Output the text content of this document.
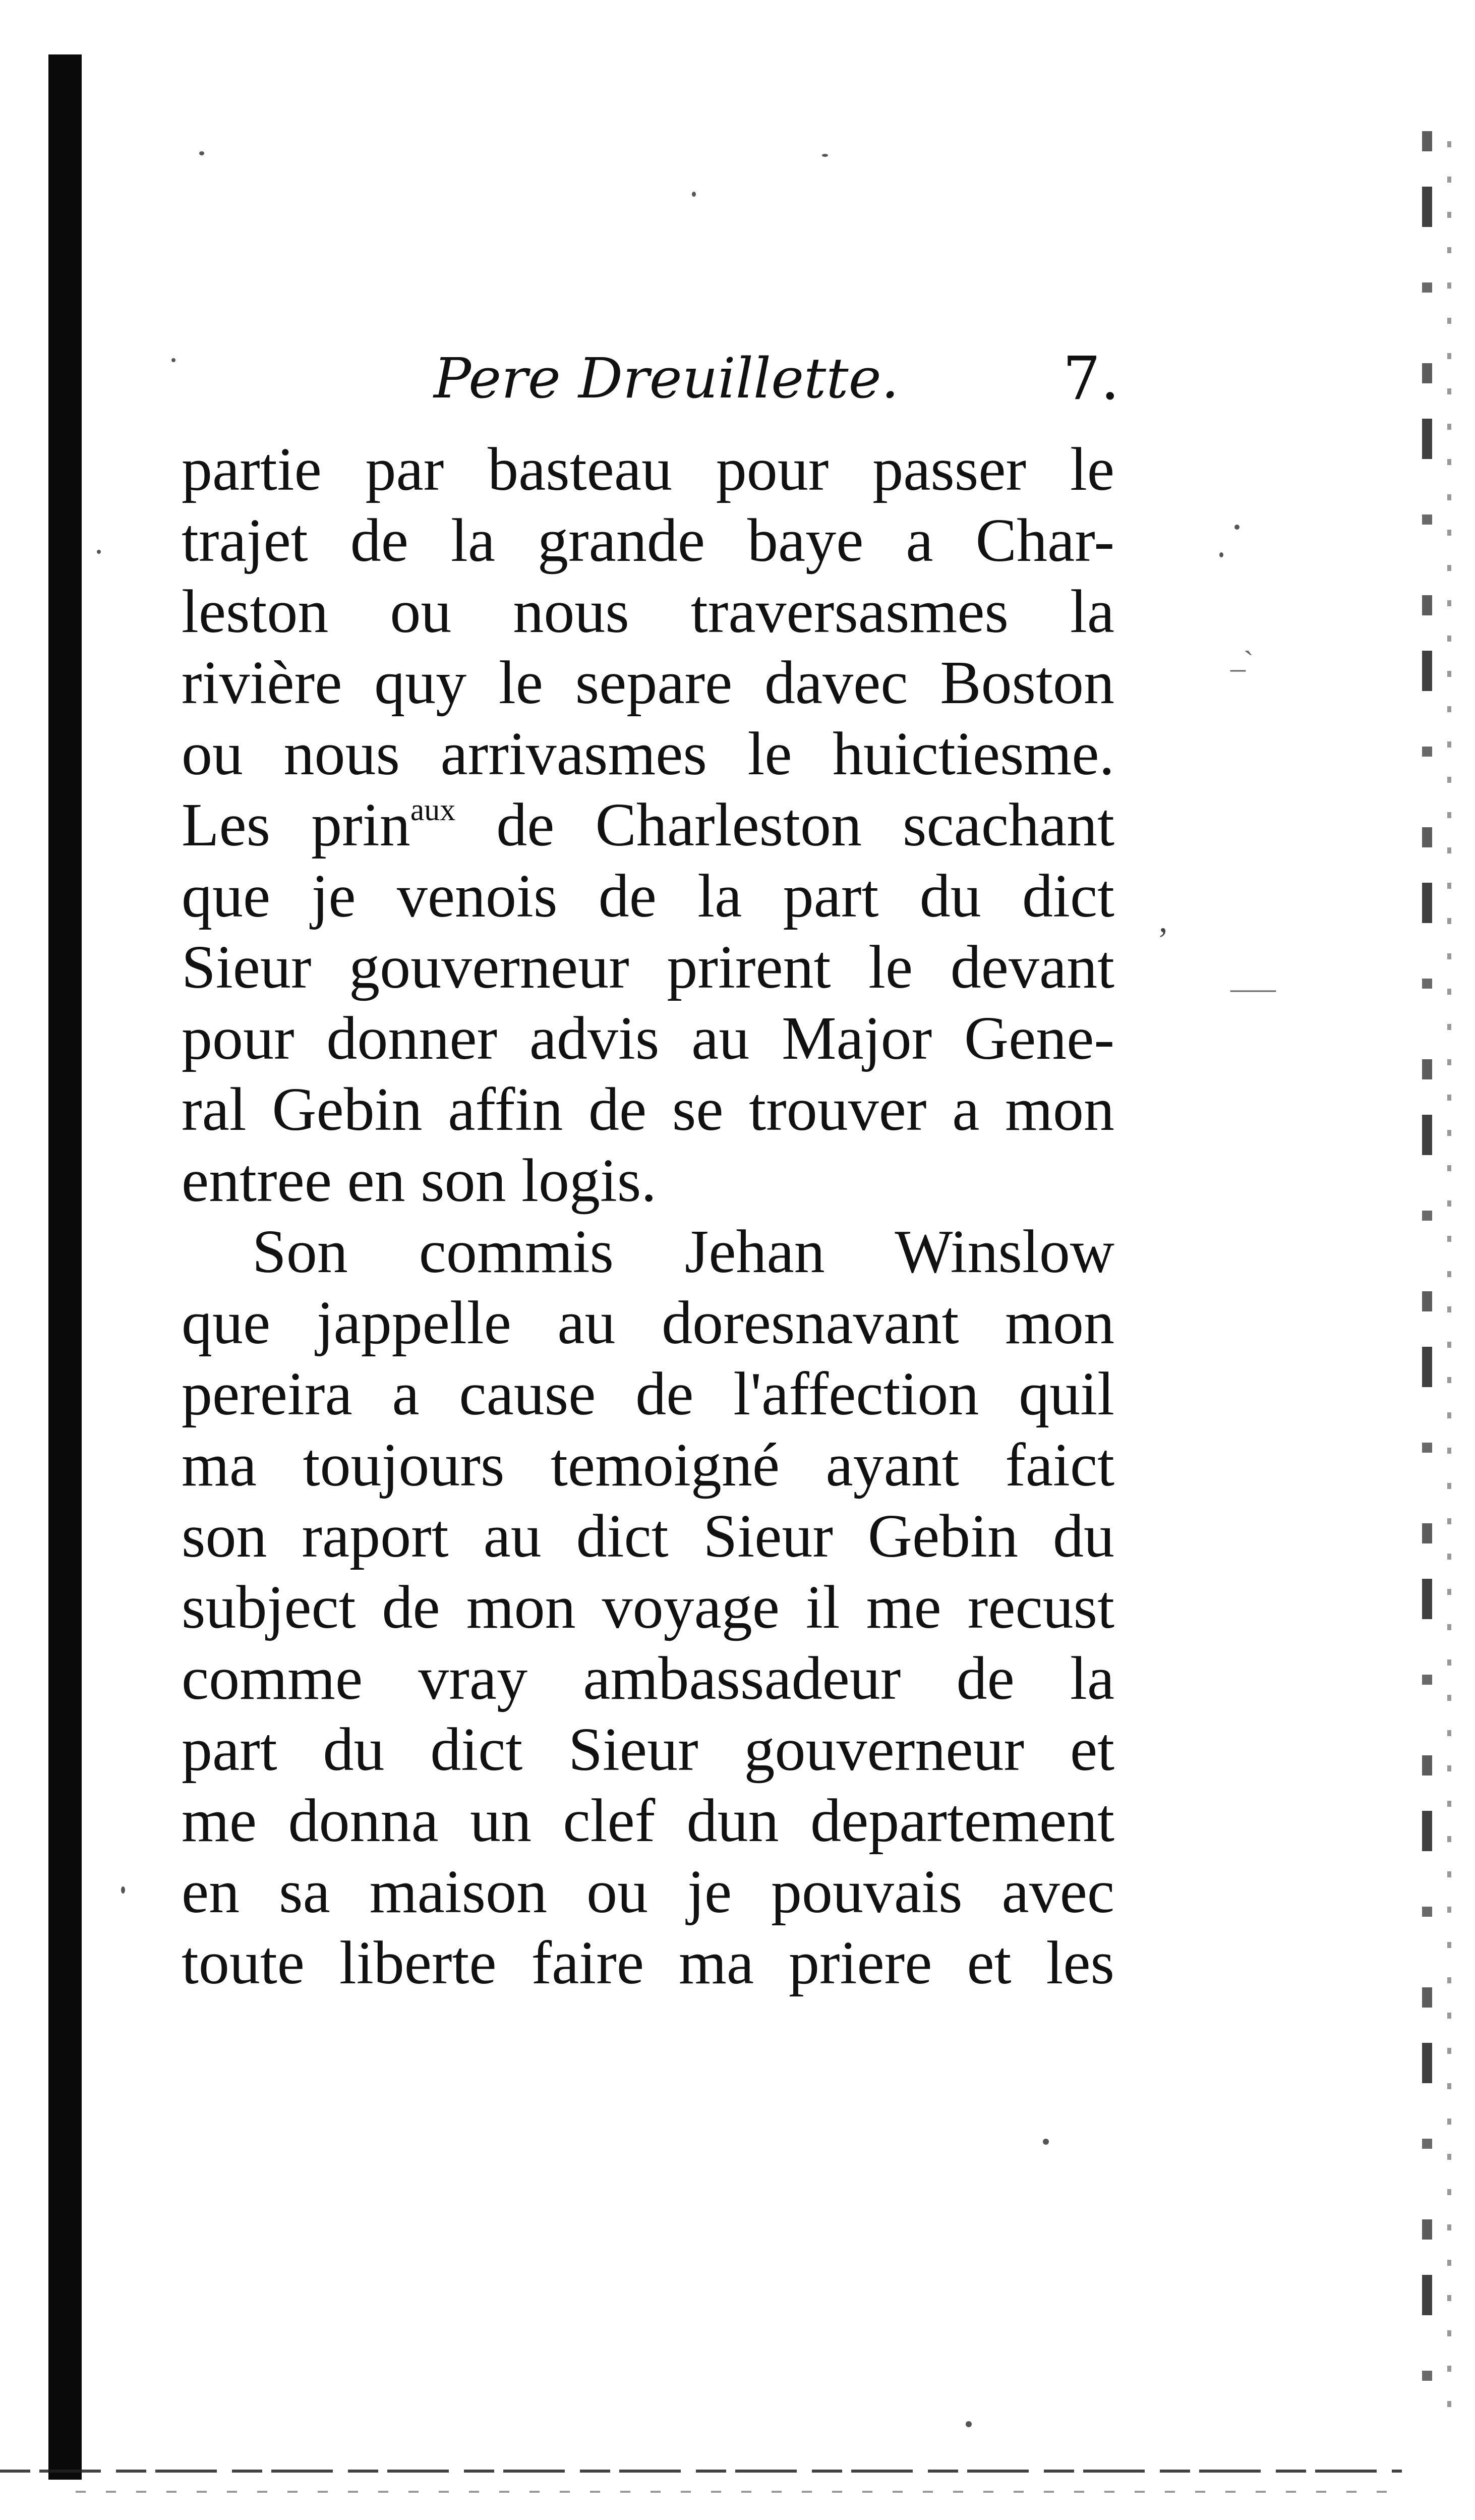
‒ ̀
‒‒‒
Pere Dreuillette.	7.
partie par basteau pour passer le
trajet de la grande baye a Char-
leston ou nous traversasmes la
rivière quy le separe davec Boston
ou nous arrivasmes le huictiesme.
Les prin$^{aux}$ de Charleston scachant
que je venois de la part du dict
Sieur gouverneur prirent le devant
pour donner advis au Major Gene-
ral Gebin affin de se trouver a mon
entree en son logis.
Son commis Jehan Winslow
que jappelle au doresnavant mon
pereira a cause de l'affection quil
ma toujours temoigné ayant faict
son raport au dict Sieur Gebin du
subject de mon voyage il me recust
comme vray ambassadeur de la
part du dict Sieur gouverneur et
me donna un clef dun departement
en sa maison ou je pouvais avec
toute liberte faire ma priere et les
,
